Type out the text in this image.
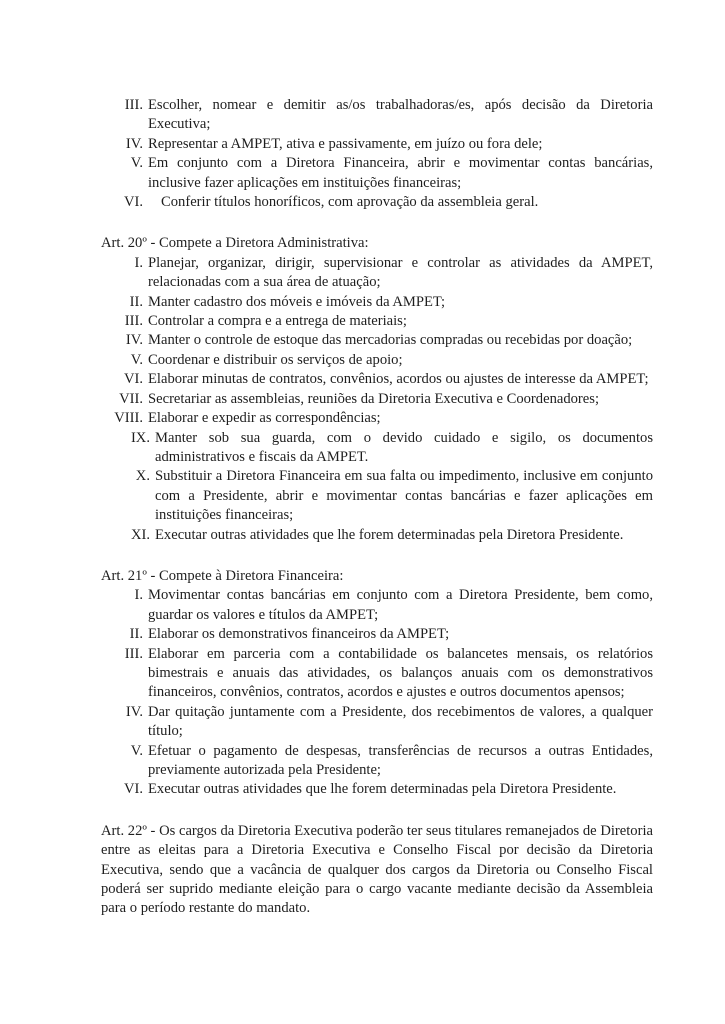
III. Escolher, nomear e demitir as/os trabalhadoras/es, após decisão da Diretoria Executiva;
IV. Representar a AMPET, ativa e passivamente, em juízo ou fora dele;
V. Em conjunto com a Diretora Financeira, abrir e movimentar contas bancárias, inclusive fazer aplicações em instituições financeiras;
VI.	Conferir títulos honoríficos, com aprovação da assembleia geral.
Art. 20º - Compete a Diretora Administrativa:
I. Planejar, organizar, dirigir, supervisionar e controlar as atividades da AMPET, relacionadas com a sua área de atuação;
II. Manter cadastro dos móveis e imóveis da AMPET;
III. Controlar a compra e a entrega de materiais;
IV. Manter o controle de estoque das mercadorias compradas ou recebidas por doação;
V. Coordenar e distribuir os serviços de apoio;
VI. Elaborar minutas de contratos, convênios, acordos ou ajustes de interesse da AMPET;
VII. Secretariar as assembleias, reuniões da Diretoria Executiva e Coordenadores;
VIII. Elaborar e expedir as correspondências;
IX. Manter sob sua guarda, com o devido cuidado e sigilo, os documentos administrativos e fiscais da AMPET.
X. Substituir a Diretora Financeira em sua falta ou impedimento, inclusive em conjunto com a Presidente, abrir e movimentar contas bancárias e fazer aplicações em instituições financeiras;
XI. Executar outras atividades que lhe forem determinadas pela Diretora Presidente.
Art. 21º - Compete à Diretora Financeira:
I. Movimentar contas bancárias em conjunto com a Diretora Presidente, bem como, guardar os valores e títulos da AMPET;
II. Elaborar os demonstrativos financeiros da AMPET;
III. Elaborar em parceria com a contabilidade os balancetes mensais, os relatórios bimestrais e anuais das atividades, os balanços anuais com os demonstrativos financeiros, convênios, contratos, acordos e ajustes e outros documentos apensos;
IV. Dar quitação juntamente com a Presidente, dos recebimentos de valores, a qualquer título;
V. Efetuar o pagamento de despesas, transferências de recursos a outras Entidades, previamente autorizada pela Presidente;
VI. Executar outras atividades que lhe forem determinadas pela Diretora Presidente.
Art. 22º - Os cargos da Diretoria Executiva poderão ter seus titulares remanejados de Diretoria entre as eleitas para a Diretoria Executiva e Conselho Fiscal por decisão da Diretoria Executiva, sendo que a vacância de qualquer dos cargos da Diretoria ou Conselho Fiscal poderá ser suprido mediante eleição para o cargo vacante mediante decisão da Assembleia para o período restante do mandato.
